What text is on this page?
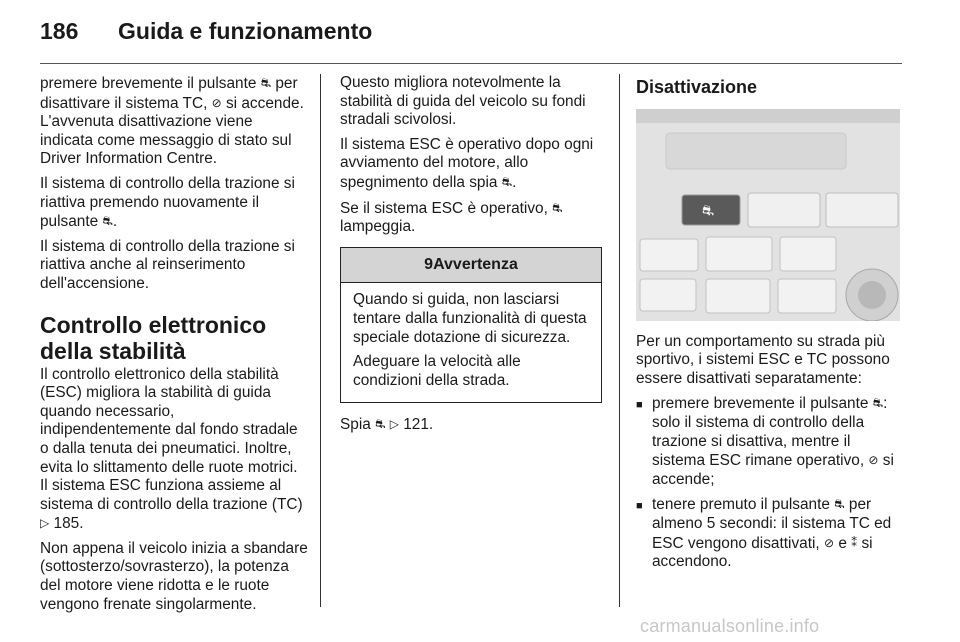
186	Guida e funzionamento

premere brevemente il pulsante ⛐ per disattivare il sistema TC, ⊘ si accende. L'avvenuta disattivazione viene indicata come messaggio di stato sul Driver Information Centre.

Il sistema di controllo della trazione si riattiva premendo nuovamente il pulsante ⛐.

Il sistema di controllo della trazione si riattiva anche al reinserimento dell'accensione.

Controllo elettronico della stabilità

Il controllo elettronico della stabilità (ESC) migliora la stabilità di guida quando necessario, indipendentemente dal fondo stradale o dalla tenuta dei pneumatici. Inoltre, evita lo slittamento delle ruote motrici. Il sistema ESC funziona assieme al sistema di controllo della trazione (TC) ▷ 185.

Non appena il veicolo inizia a sbandare (sottosterzo/sovrasterzo), la potenza del motore viene ridotta e le ruote vengono frenate singolarmente.

Questo migliora notevolmente la stabilità di guida del veicolo su fondi stradali scivolosi.

Il sistema ESC è operativo dopo ogni avviamento del motore, allo spegnimento della spia ⛐.

Se il sistema ESC è operativo, ⛐ lampeggia.

9Avvertenza

Quando si guida, non lasciarsi tentare dalla funzionalità di questa speciale dotazione di sicurezza.

Adeguare la velocità alle condizioni della strada.

Spia ⛐ ▷ 121.

Disattivazione
⛐

Per un comportamento su strada più sportivo, i sistemi ESC e TC possono essere disattivati separatamente:

■ premere brevemente il pulsante ⛐: solo il sistema di controllo della trazione si disattiva, mentre il sistema ESC rimane operativo, ⊘ si accende;
■ tenere premuto il pulsante ⛐ per almeno 5 secondi: il sistema TC ed ESC vengono disattivati, ⊘ e ⁑ si accendono.
carmanualsonline.info
